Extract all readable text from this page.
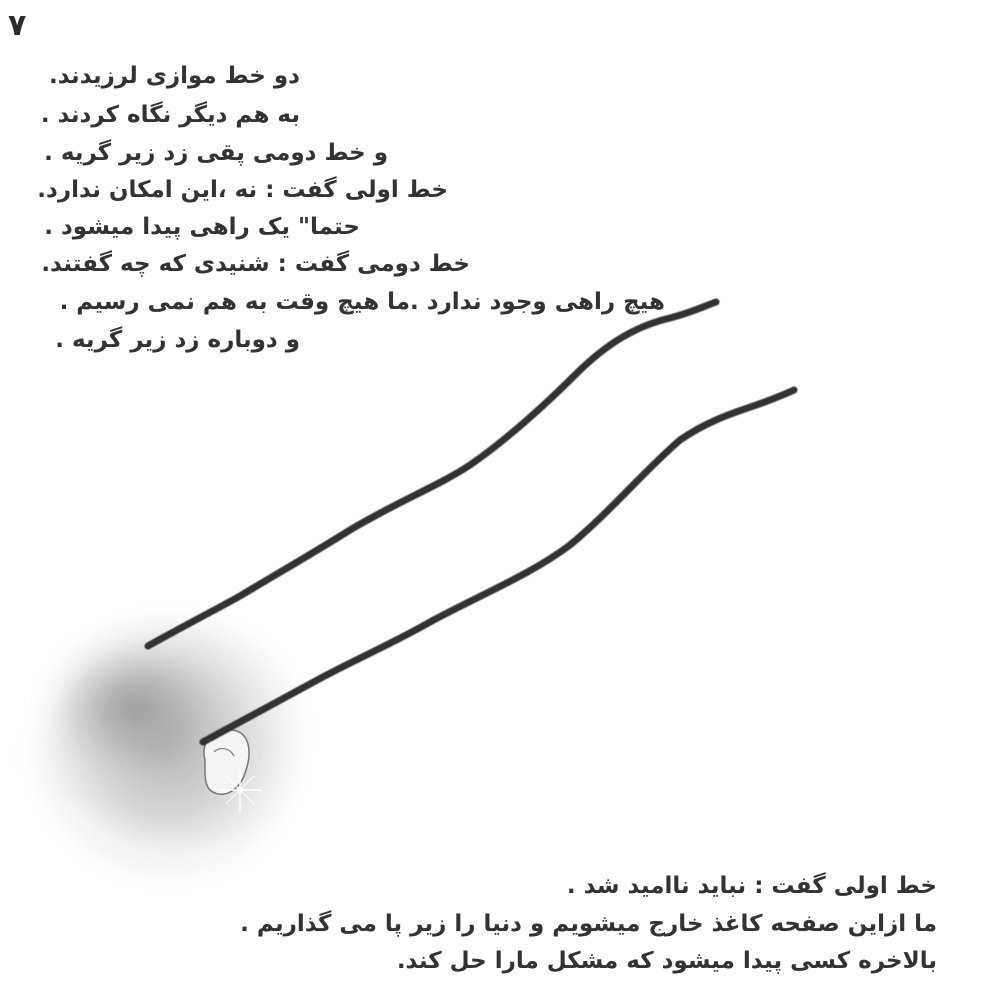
۷
دو خط موازی لرزیدند.
به هم دیگر نگاه کردند .
و خط دومی پقی زد زیر گریه .
خط اولی گفت : نه ،این امکان ندارد.
حتما" یک راهی پیدا میشود .
خط دومی گفت : شنیدی که چه گفتند.
هیچ راهی وجود ندارد .ما هیچ وقت به هم نمی رسیم .
و دوباره زد زیر گریه .
خط اولی گفت : نباید ناامید شد .
ما ازاین صفحه کاغذ خارج میشویم و دنیا را زیر پا می گذاریم .
بالاخره کسی پیدا میشود که مشکل مارا حل کند.
